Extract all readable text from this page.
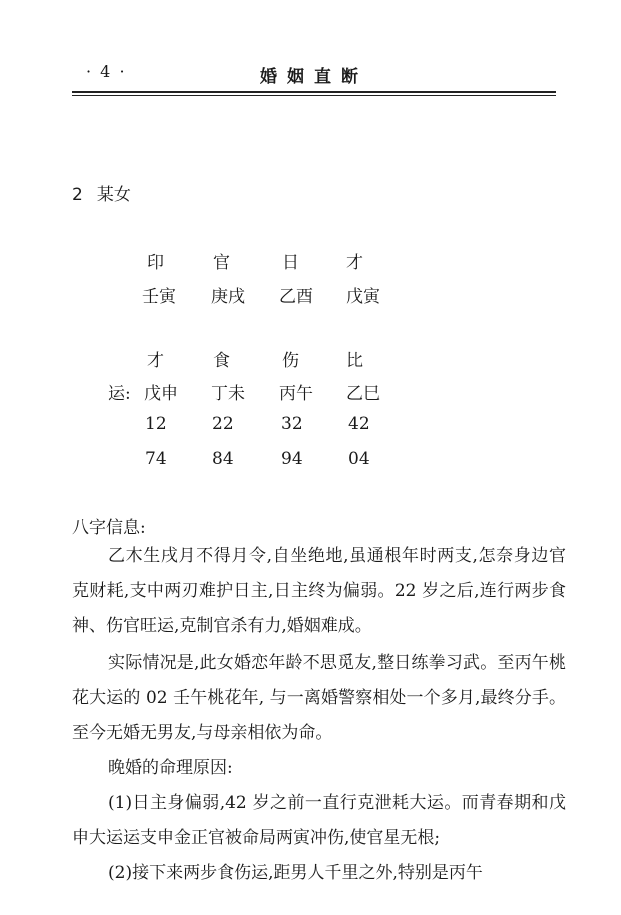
· 4 ·	婚姻直断
2 某女
印	官	日	才
壬寅 庚戌 乙酉 戊寅
才	食	伤	比
运: 戊申 丁未 丙午 乙巳
12	22	32	42
74	84	94	04
八字信息:

乙木生戌月不得月令,自坐绝地,虽通根年时两支,怎奈身边官克财耗,支中两刃难护日主,日主终为偏弱。22 岁之后,连行两步食神、伤官旺运,克制官杀有力,婚姻难成。

实际情况是,此女婚恋年龄不思觅友,整日练拳习武。至丙午桃花大运的 02 壬午桃花年, 与一离婚警察相处一个多月,最终分手。至今无婚无男友,与母亲相依为命。

晚婚的命理原因:

(1)日主身偏弱,42 岁之前一直行克泄耗大运。而青春期和戊申大运运支申金正官被命局两寅冲伤,使官星无根;

(2)接下来两步食伤运,距男人千里之外,特别是丙午
